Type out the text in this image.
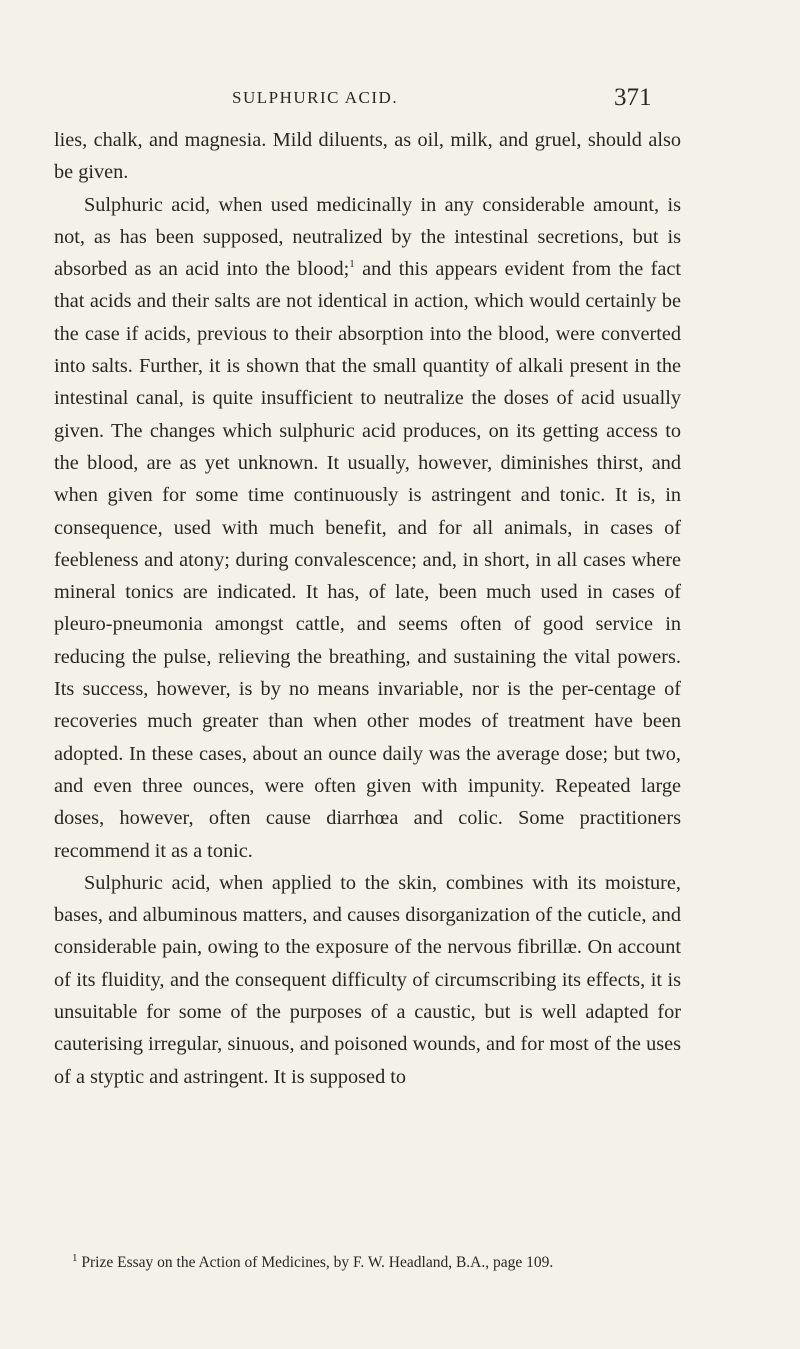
SULPHURIC ACID.	371

lies, chalk, and magnesia. Mild diluents, as oil, milk, and gruel, should also be given.

Sulphuric acid, when used medicinally in any considerable amount, is not, as has been supposed, neutralized by the intestinal secretions, but is absorbed as an acid into the blood;$^1$ and this appears evident from the fact that acids and their salts are not identical in action, which would certainly be the case if acids, previous to their absorption into the blood, were converted into salts. Further, it is shown that the small quantity of alkali present in the intestinal canal, is quite insufficient to neutralize the doses of acid usually given. The changes which sulphuric acid produces, on its getting access to the blood, are as yet unknown. It usually, however, diminishes thirst, and when given for some time continuously is astringent and tonic. It is, in consequence, used with much benefit, and for all animals, in cases of feebleness and atony; during convalescence; and, in short, in all cases where mineral tonics are indicated. It has, of late, been much used in cases of pleuro-pneumonia amongst cattle, and seems often of good service in reducing the pulse, relieving the breathing, and sustaining the vital powers. Its success, however, is by no means invariable, nor is the per-centage of recoveries much greater than when other modes of treatment have been adopted. In these cases, about an ounce daily was the average dose; but two, and even three ounces, were often given with impunity. Repeated large doses, however, often cause diarrhœa and colic. Some practitioners recommend it as a tonic.

Sulphuric acid, when applied to the skin, combines with its moisture, bases, and albuminous matters, and causes disorganization of the cuticle, and considerable pain, owing to the exposure of the nervous fibrillæ. On account of its fluidity, and the consequent difficulty of circumscribing its effects, it is unsuitable for some of the purposes of a caustic, but is well adapted for cauterising irregular, sinuous, and poisoned wounds, and for most of the uses of a styptic and astringent. It is supposed to

$^1$ Prize Essay on the Action of Medicines, by F. W. Headland, B.A., page 109.
